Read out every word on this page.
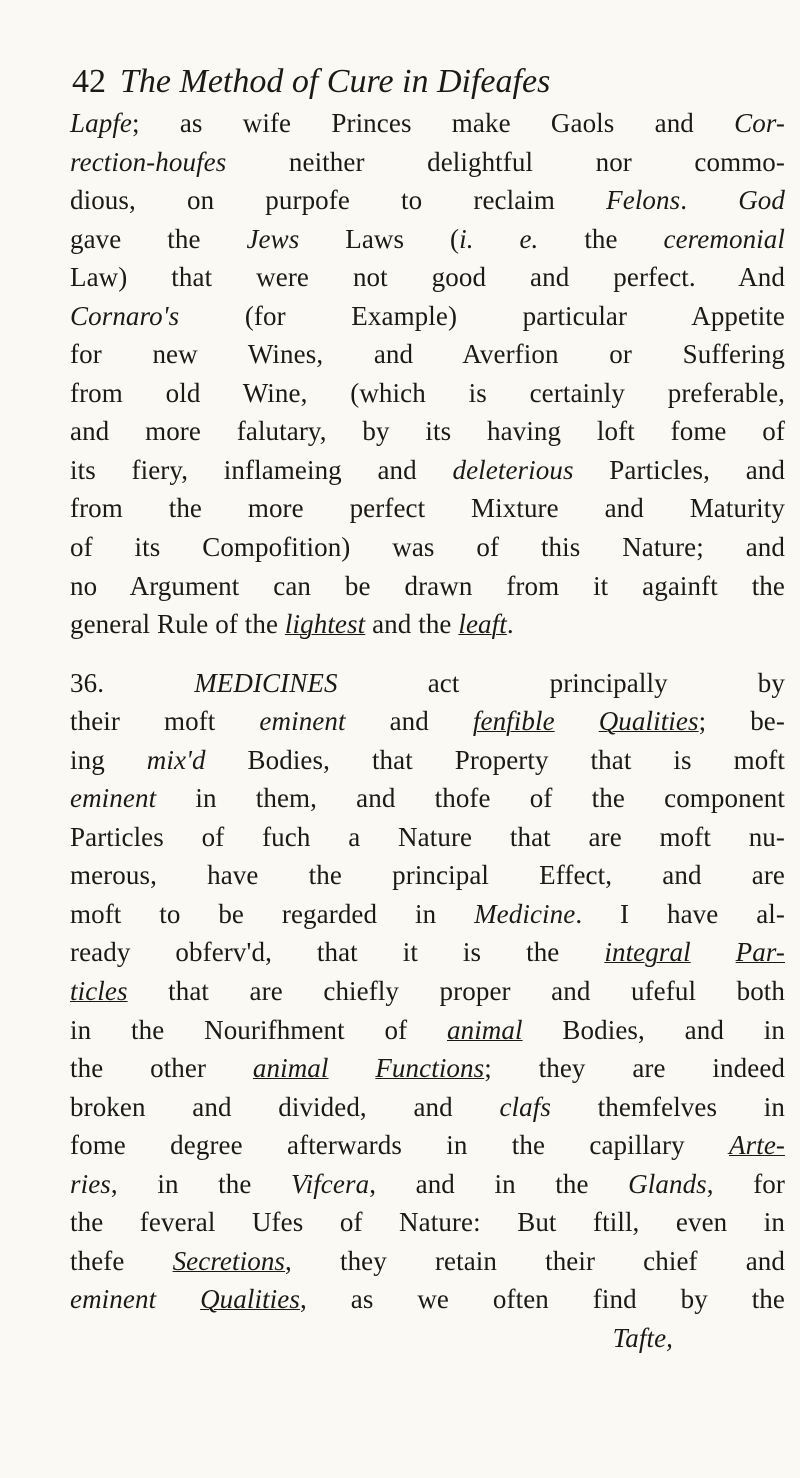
42 The Method of Cure in Difeafes
Lapfe; as wife Princes make Gaols and Cor-
rection-houfes neither delightful nor commo-
dious, on purpofe to reclaim Felons. God
gave the Jews Laws (i. e. the ceremonial
Law) that were not good and perfect. And
Cornaro's (for Example) particular Appetite
for new Wines, and Averfion or Suffering
from old Wine, (which is certainly preferable,
and more falutary, by its having loft fome of
its fiery, inflameing and deleterious Particles, and
from the more perfect Mixture and Maturity
of its Compofition) was of this Nature; and
no Argument can be drawn from it againft the
general Rule of the lightest and the leaft.
36. MEDICINES act principally by
their moft eminent and fenfible Qualities; be-
ing mix'd Bodies, that Property that is moft
eminent in them, and thofe of the component
Particles of fuch a Nature that are moft nu-
merous, have the principal Effect, and are
moft to be regarded in Medicine. I have al-
ready obferv'd, that it is the integral Par-
ticles that are chiefly proper and ufeful both
in the Nourifhment of animal Bodies, and in
the other animal Functions; they are indeed
broken and divided, and clafs themfelves in
fome degree afterwards in the capillary Arte-
ries, in the Vifcera, and in the Glands, for
the feveral Ufes of Nature: But ftill, even in
thefe Secretions, they retain their chief and
eminent Qualities, as we often find by the
Tafte,
